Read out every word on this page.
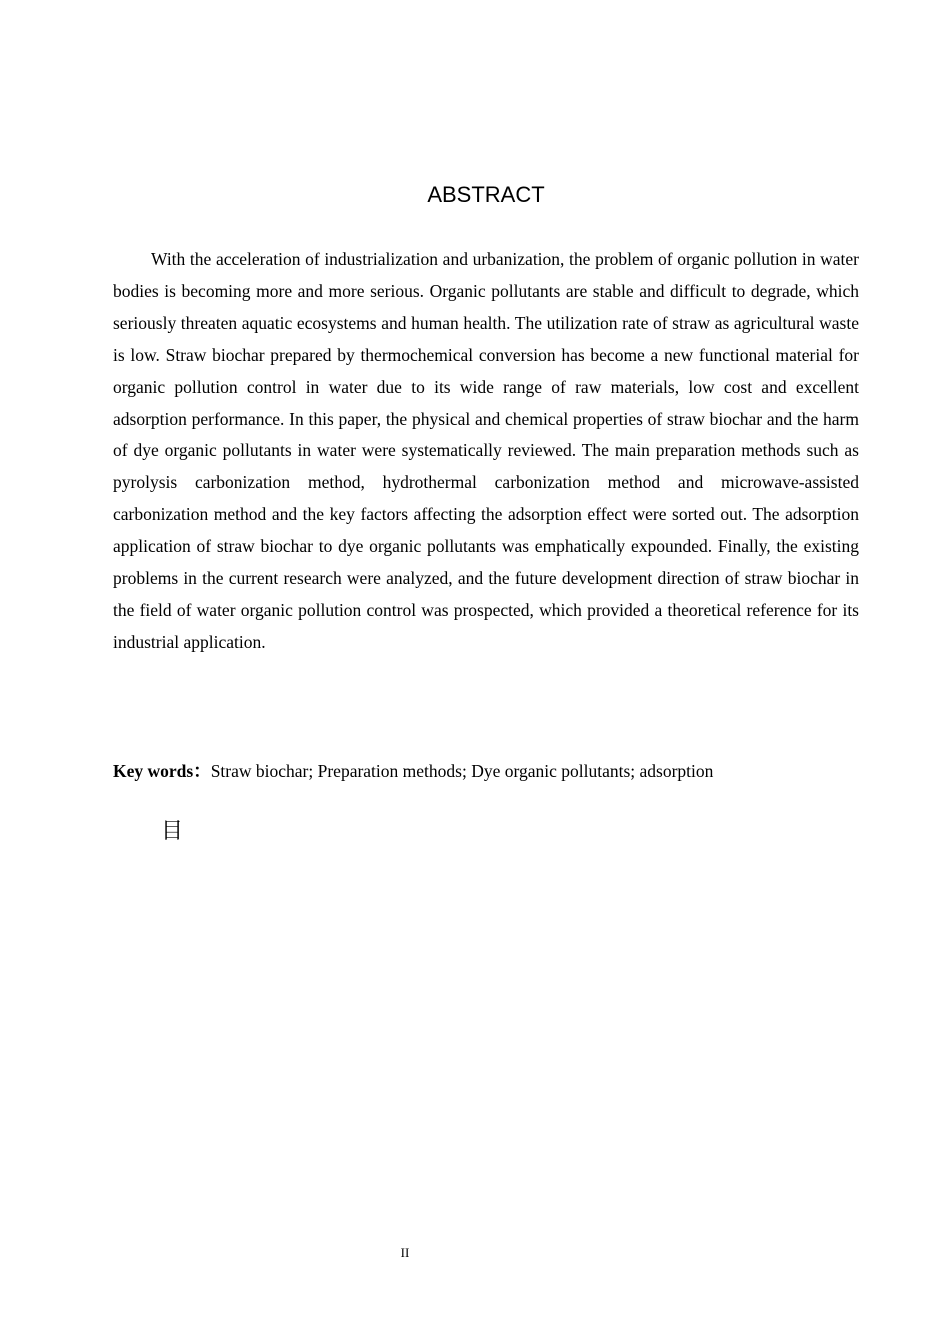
ABSTRACT

With the acceleration of industrialization and urbanization, the problem of organic pollution in water bodies is becoming more and more serious. Organic pollutants are stable and difficult to degrade, which seriously threaten aquatic ecosystems and human health. The utilization rate of straw as agricultural waste is low. Straw biochar prepared by thermochemical conversion has become a new functional material for organic pollution control in water due to its wide range of raw materials, low cost and excellent adsorption performance. In this paper, the physical and chemical properties of straw biochar and the harm of dye organic pollutants in water were systematically reviewed. The main preparation methods such as pyrolysis carbonization method, hydrothermal carbonization method and microwave-assisted carbonization method and the key factors affecting the adsorption effect were sorted out. The adsorption application of straw biochar to dye organic pollutants was emphatically expounded. Finally, the existing problems in the current research were analyzed, and the future development direction of straw biochar in the field of water organic pollution control was prospected, which provided a theoretical reference for its industrial application.

Key words：Straw biochar; Preparation methods; Dye organic pollutants; adsorption

目
II
